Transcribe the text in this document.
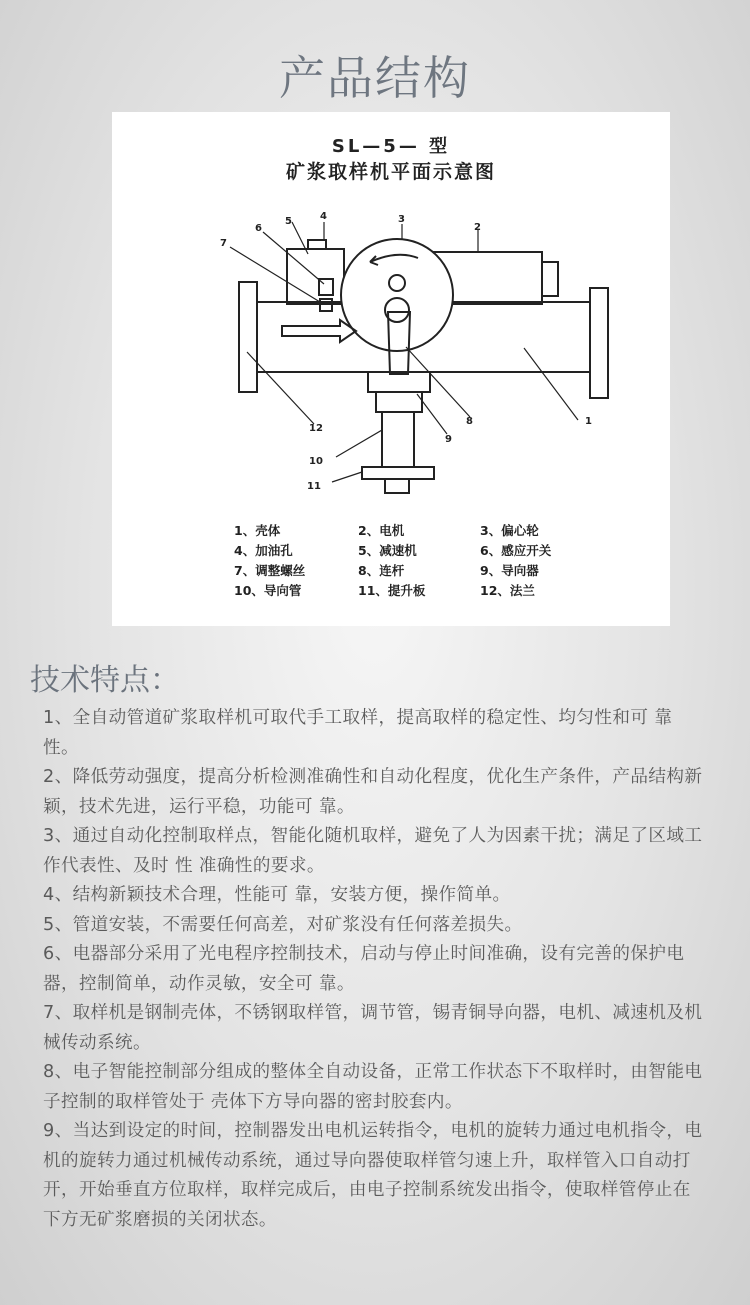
产品结构
SL—5— 型
矿浆取样机平面示意图
1
2
3
4
5
6
7
8
9
10
11
12
1、壳体	2、电机	3、偏心轮
4、加油孔	5、减速机	6、感应开关
7、调整螺丝	8、连杆	9、导向器
10、导向管	11、提升板	12、法兰
技术特点：

1、全自动管道矿浆取样机可取代手工取样，提高取样的稳定性、均匀性和可 靠性。

2、降低劳动强度，提高分析检测准确性和自动化程度，优化生产条件，产品结构新颖，技术先进，运行平稳，功能可 靠。

3、通过自动化控制取样点，智能化随机取样，避免了人为因素干扰；满足了区域工作代表性、及时 性 准确性的要求。

4、结构新颖技术合理，性能可 靠，安装方便，操作简单。

5、管道安装，不需要任何高差，对矿浆没有任何落差损失。

6、电器部分采用了光电程序控制技术，启动与停止时间准确，设有完善的保护电器，控制简单，动作灵敏，安全可 靠。

7、取样机是钢制壳体，不锈钢取样管，调节管，锡青铜导向器，电机、减速机及机械传动系统。

8、电子智能控制部分组成的整体全自动设备，正常工作状态下不取样时，由智能电子控制的取样管处于 壳体下方导向器的密封胶套内。

9、当达到设定的时间，控制器发出电机运转指令，电机的旋转力通过电机指令，电机的旋转力通过机械传动系统，通过导向器使取样管匀速上升，取样管入口自动打开，开始垂直方位取样，取样完成后，由电子控制系统发出指令，使取样管停止在下方无矿浆磨损的关闭状态。
